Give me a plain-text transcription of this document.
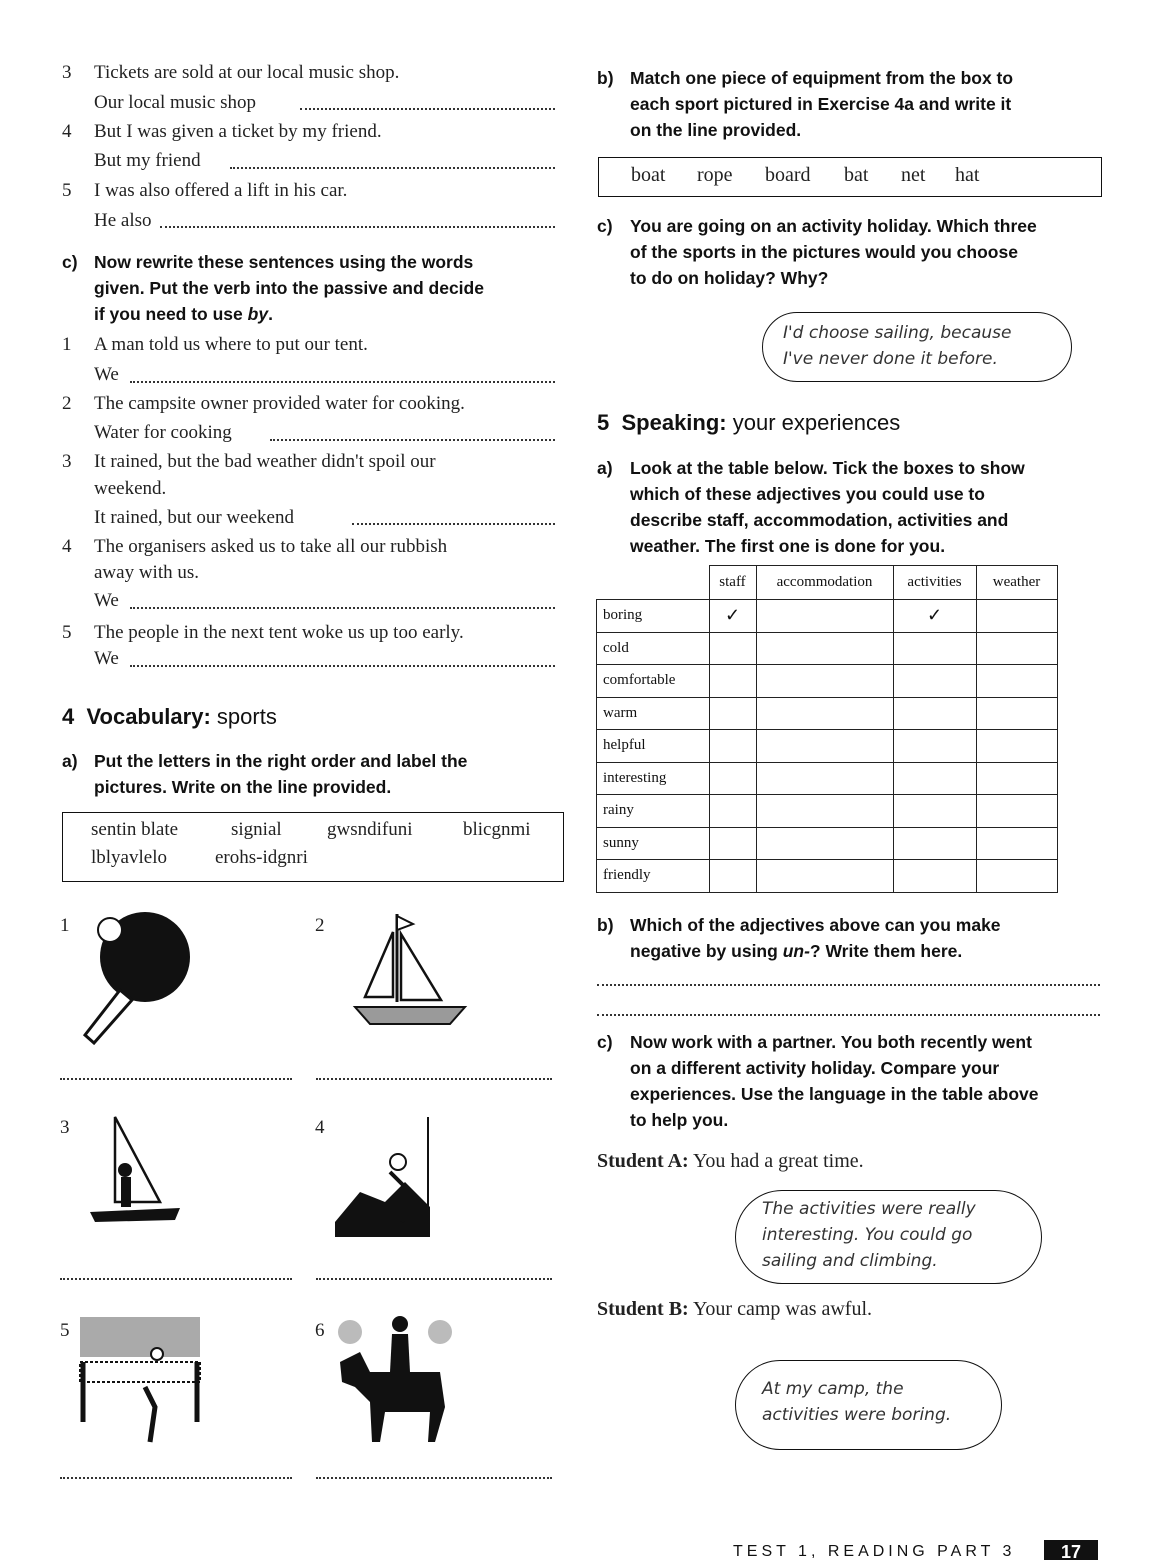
3 Tickets are sold at our local music shop.
Our local music shop
4 But I was given a ticket by my friend.
But my friend
5 I was also offered a lift in his car.
He also
c) Now rewrite these sentences using the words
given. Put the verb into the passive and decide
if you need to use by.
1 A man told us where to put our tent.
We
2 The campsite owner provided water for cooking.
Water for cooking
3 It rained, but the bad weather didn't spoil our
weekend.
It rained, but our weekend
4 The organisers asked us to take all our rubbish
away with us.
We
5 The people in the next tent woke us up too early.
We
4 Vocabulary: sports
a) Put the letters in the right order and label the
pictures. Write on the line provided.
sentin blate	signial gwsndifuni	blicgnmi
lblyavlelo	erohs-idgnri
1	2
3	4
5	6
b) Match one piece of equipment from the box to
each sport pictured in Exercise 4a and write it
on the line provided.
boat rope board bat net hat
c) You are going on an activity holiday. Which three
of the sports in the pictures would you choose
to do on holiday? Why?
I'd choose sailing, because
I've never done it before.
5 Speaking: your experiences
a) Look at the table below. Tick the boxes to show
which of these adjectives you could use to
describe staff, accommodation, activities and
weather. The first one is done for you.
	staff	accommodation	activities	weather
boring	✓		✓	
cold				
comfortable				
warm				
helpful				
interesting				
rainy				
sunny				
friendly				
b) Which of the adjectives above can you make
negative by using un-? Write them here.
c) Now work with a partner. You both recently went
on a different activity holiday. Compare your
experiences. Use the language in the table above
to help you.
Student A: You had a great time.
The activities were really
interesting. You could go
sailing and climbing.
Student B: Your camp was awful.
At my camp, the
activities were boring.
TEST 1, READING PART 3	17
